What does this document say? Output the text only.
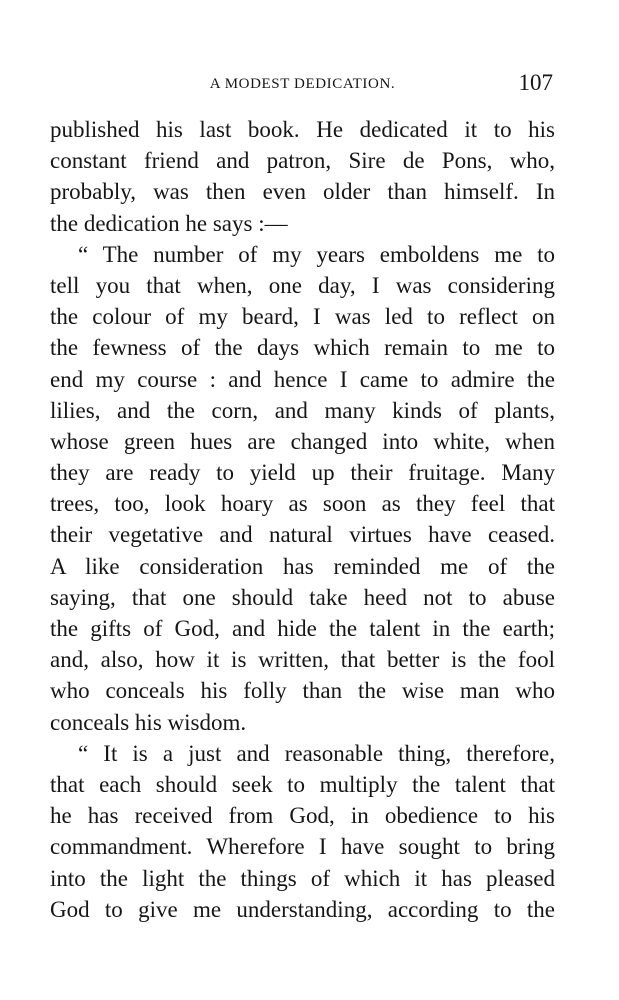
A MODEST DEDICATION.	107
published his last book. He dedicated it to his
constant friend and patron, Sire de Pons, who,
probably, was then even older than himself. In
the dedication he says :—
“ The number of my years emboldens me to
tell you that when, one day, I was considering
the colour of my beard, I was led to reflect on
the fewness of the days which remain to me to
end my course : and hence I came to admire the
lilies, and the corn, and many kinds of plants,
whose green hues are changed into white, when
they are ready to yield up their fruitage. Many
trees, too, look hoary as soon as they feel that
their vegetative and natural virtues have ceased.
A like consideration has reminded me of the
saying, that one should take heed not to abuse
the gifts of God, and hide the talent in the earth;
and, also, how it is written, that better is the fool
who conceals his folly than the wise man who
conceals his wisdom.
“ It is a just and reasonable thing, therefore,
that each should seek to multiply the talent that
he has received from God, in obedience to his
commandment. Wherefore I have sought to bring
into the light the things of which it has pleased
God to give me understanding, according to the
